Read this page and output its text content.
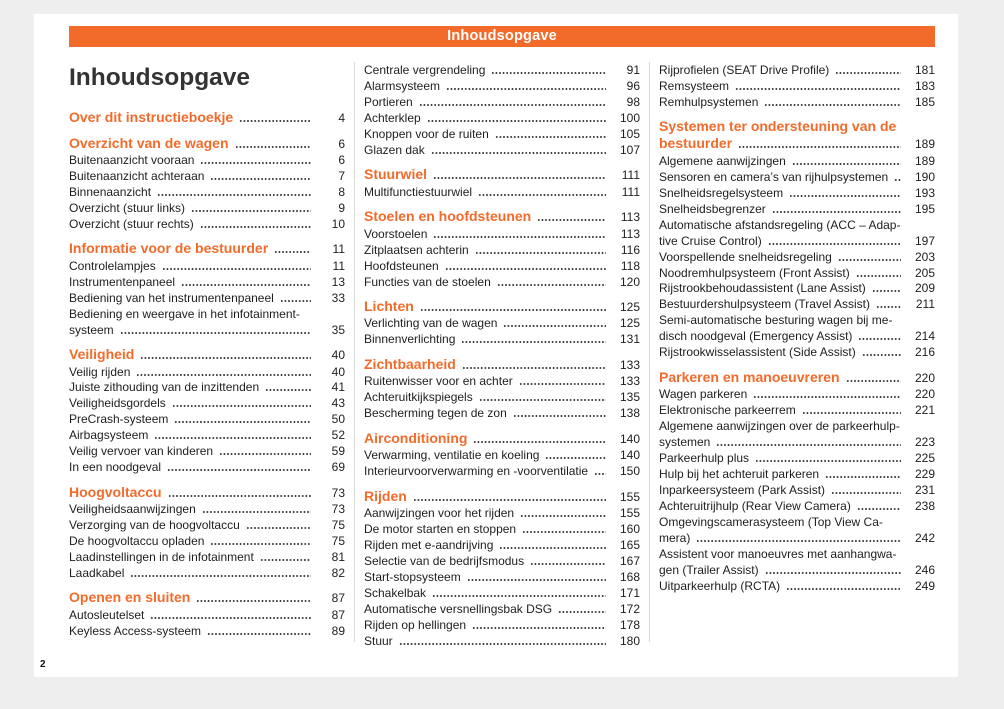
Inhoudsopgave
Inhoudsopgave
Over dit instructieboekje	4
Overzicht van de wagen	6
Buitenaanzicht vooraan	6
Buitenaanzicht achteraan	7
Binnenaanzicht	8
Overzicht (stuur links)	9
Overzicht (stuur rechts)	10
Informatie voor de bestuurder	11
Controlelampjes	11
Instrumentenpaneel	13
Bediening van het instrumentenpaneel	33
Bediening en weergave in het infotainment-
systeem	35
Veiligheid	40
Veilig rijden	40
Juiste zithouding van de inzittenden	41
Veiligheidsgordels	43
PreCrash-systeem	50
Airbagsysteem	52
Veilig vervoer van kinderen	59
In een noodgeval	69
Hoogvoltaccu	73
Veiligheidsaanwijzingen	73
Verzorging van de hoogvoltaccu	75
De hoogvoltaccu opladen	75
Laadinstellingen in de infotainment	81
Laadkabel	82
Openen en sluiten	87
Autosleutelset	87
Keyless Access-systeem	89
Centrale vergrendeling	91
Alarmsysteem	96
Portieren	98
Achterklep	100
Knoppen voor de ruiten	105
Glazen dak	107
Stuurwiel	111
Multifunctiestuurwiel	111
Stoelen en hoofdsteunen	113
Voorstoelen	113
Zitplaatsen achterin	116
Hoofdsteunen	118
Functies van de stoelen	120
Lichten	125
Verlichting van de wagen	125
Binnenverlichting	131
Zichtbaarheid	133
Ruitenwisser voor en achter	133
Achteruitkijkspiegels	135
Bescherming tegen de zon	138
Airconditioning	140
Verwarming, ventilatie en koeling	140
Interieurvoorverwarming en -voorventilatie	150
Rijden	155
Aanwijzingen voor het rijden	155
De motor starten en stoppen	160
Rijden met e-aandrijving	165
Selectie van de bedrijfsmodus	167
Start-stopsysteem	168
Schakelbak	171
Automatische versnellingsbak DSG	172
Rijden op hellingen	178
Stuur	180
Rijprofielen (SEAT Drive Profile)	181
Remsysteem	183
Remhulpsystemen	185
Systemen ter ondersteuning van de
bestuurder	189
Algemene aanwijzingen	189
Sensoren en camera’s van rijhulpsystemen	190
Snelheidsregelsysteem	193
Snelheidsbegrenzer	195
Automatische afstandsregeling (ACC – Adap-
tive Cruise Control)	197
Voorspellende snelheidsregeling	203
Noodremhulpsysteem (Front Assist)	205
Rijstrookbehoudassistent (Lane Assist)	209
Bestuurdershulpsysteem (Travel Assist)	211
Semi-automatische besturing wagen bij me-
disch noodgeval (Emergency Assist)	214
Rijstrookwisselassistent (Side Assist)	216
Parkeren en manoeuvreren	220
Wagen parkeren	220
Elektronische parkeerrem	221
Algemene aanwijzingen over de parkeerhulp-
systemen	223
Parkeerhulp plus	225
Hulp bij het achteruit parkeren	229
Inparkeersysteem (Park Assist)	231
Achteruitrijhulp (Rear View Camera)	238
Omgevingscamerasysteem (Top View Ca-
mera)	242
Assistent voor manoeuvres met aanhangwa-
gen (Trailer Assist)	246
Uitparkeerhulp (RCTA)	249
2
